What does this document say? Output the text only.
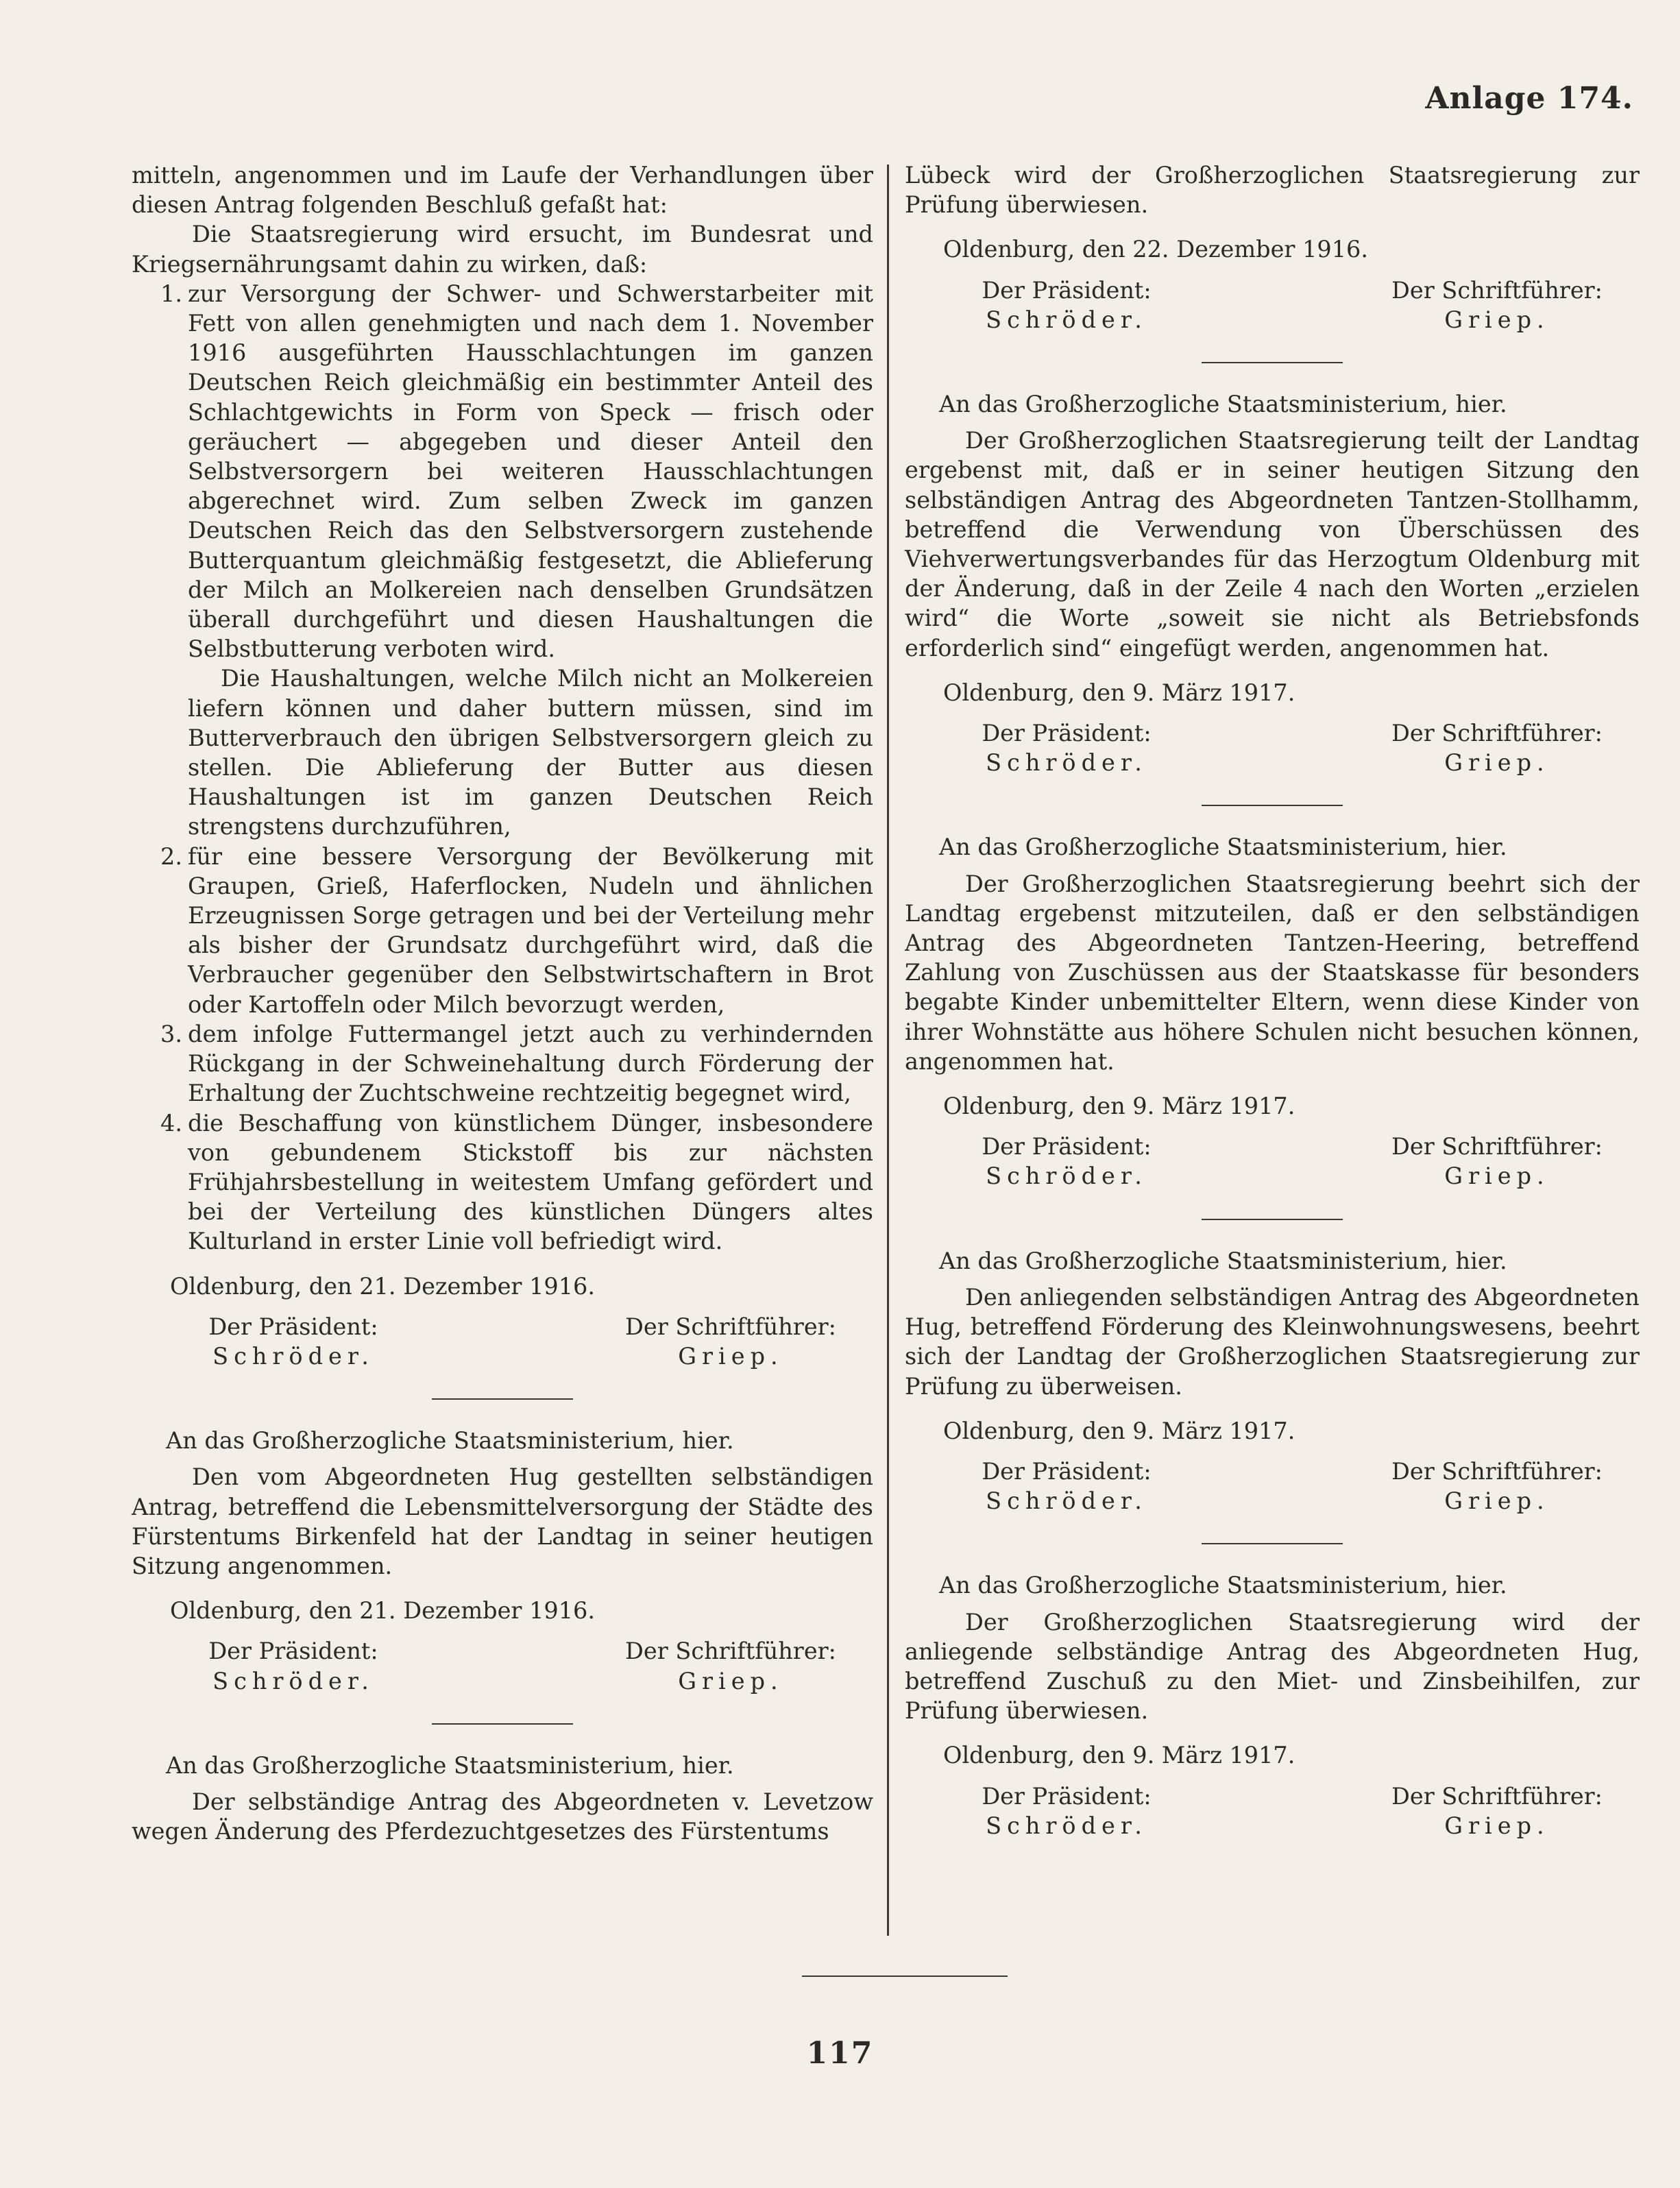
Anlage 174.

mitteln, angenommen und im Laufe der Verhandlungen über diesen Antrag folgenden Beschluß gefaßt hat:

Die Staatsregierung wird ersucht, im Bundesrat und Kriegsernährungsamt dahin zu wirken, daß:

1. zur Versorgung der Schwer- und Schwerstarbeiter mit Fett von allen genehmigten und nach dem 1. November 1916 ausgeführten Hausschlachtungen im ganzen Deutschen Reich gleichmäßig ein bestimmter Anteil des Schlachtgewichts in Form von Speck — frisch oder geräuchert — abgegeben und dieser Anteil den Selbstversorgern bei weiteren Hausschlachtungen abgerechnet wird. Zum selben Zweck im ganzen Deutschen Reich das den Selbstversorgern zustehende Butterquantum gleichmäßig festgesetzt, die Ablieferung der Milch an Molkereien nach denselben Grundsätzen überall durchgeführt und diesen Haushaltungen die Selbstbutterung verboten wird.
Die Haushaltungen, welche Milch nicht an Molkereien liefern können und daher buttern müssen, sind im Butterverbrauch den übrigen Selbstversorgern gleich zu stellen. Die Ablieferung der Butter aus diesen Haushaltungen ist im ganzen Deutschen Reich strengstens durchzuführen,
2. für eine bessere Versorgung der Bevölkerung mit Graupen, Grieß, Haferflocken, Nudeln und ähnlichen Erzeugnissen Sorge getragen und bei der Verteilung mehr als bisher der Grundsatz durchgeführt wird, daß die Verbraucher gegenüber den Selbstwirtschaftern in Brot oder Kartoffeln oder Milch bevorzugt werden,
3. dem infolge Futtermangel jetzt auch zu verhindernden Rückgang in der Schweinehaltung durch Förderung der Erhaltung der Zuchtschweine rechtzeitig begegnet wird,
4. die Beschaffung von künstlichem Dünger, insbesondere von gebundenem Stickstoff bis zur nächsten Frühjahrsbestellung in weitestem Umfang gefördert und bei der Verteilung des künstlichen Düngers altes Kulturland in erster Linie voll befriedigt wird.

Oldenburg, den 21. Dezember 1916.

Der Präsident:
Schröder.
Der Schriftführer:
Griep.

An das Großherzogliche Staatsministerium, hier.

Den vom Abgeordneten Hug gestellten selbständigen Antrag, betreffend die Lebensmittelversorgung der Städte des Fürstentums Birkenfeld hat der Landtag in seiner heutigen Sitzung angenommen.

Oldenburg, den 21. Dezember 1916.

Der Präsident:
Schröder.
Der Schriftführer:
Griep.

An das Großherzogliche Staatsministerium, hier.

Der selbständige Antrag des Abgeordneten v. Levetzow wegen Änderung des Pferdezuchtgesetzes des Fürstentums

Lübeck wird der Großherzoglichen Staatsregierung zur Prüfung überwiesen.

Oldenburg, den 22. Dezember 1916.

Der Präsident:
Schröder.
Der Schriftführer:
Griep.

An das Großherzogliche Staatsministerium, hier.

Der Großherzoglichen Staatsregierung teilt der Landtag ergebenst mit, daß er in seiner heutigen Sitzung den selbständigen Antrag des Abgeordneten Tantzen-Stollhamm, betreffend die Verwendung von Überschüssen des Viehverwertungsverbandes für das Herzogtum Oldenburg mit der Änderung, daß in der Zeile 4 nach den Worten „erzielen wird“ die Worte „soweit sie nicht als Betriebsfonds erforderlich sind“ eingefügt werden, angenommen hat.

Oldenburg, den 9. März 1917.

Der Präsident:
Schröder.
Der Schriftführer:
Griep.

An das Großherzogliche Staatsministerium, hier.

Der Großherzoglichen Staatsregierung beehrt sich der Landtag ergebenst mitzuteilen, daß er den selbständigen Antrag des Abgeordneten Tantzen-Heering, betreffend Zahlung von Zuschüssen aus der Staatskasse für besonders begabte Kinder unbemittelter Eltern, wenn diese Kinder von ihrer Wohnstätte aus höhere Schulen nicht besuchen können, angenommen hat.

Oldenburg, den 9. März 1917.

Der Präsident:
Schröder.
Der Schriftführer:
Griep.

An das Großherzogliche Staatsministerium, hier.

Den anliegenden selbständigen Antrag des Abgeordneten Hug, betreffend Förderung des Kleinwohnungswesens, beehrt sich der Landtag der Großherzoglichen Staatsregierung zur Prüfung zu überweisen.

Oldenburg, den 9. März 1917.

Der Präsident:
Schröder.
Der Schriftführer:
Griep.

An das Großherzogliche Staatsministerium, hier.

Der Großherzoglichen Staatsregierung wird der anliegende selbständige Antrag des Abgeordneten Hug, betreffend Zuschuß zu den Miet- und Zinsbeihilfen, zur Prüfung überwiesen.

Oldenburg, den 9. März 1917.

Der Präsident:
Schröder.
Der Schriftführer:
Griep.
117
